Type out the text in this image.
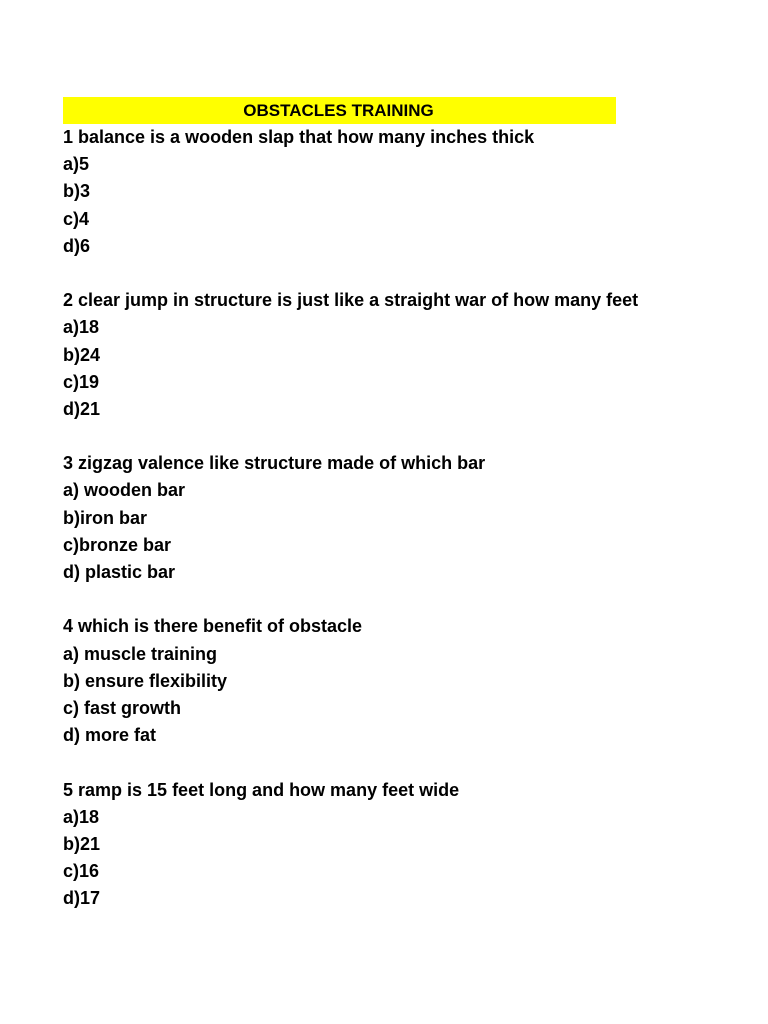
OBSTACLES TRAINING
1 balance is a wooden slap that how many inches thick
a)5
b)3
c)4
d)6
2 clear jump in structure is just like a straight war of how many feet
a)18
b)24
c)19
d)21
3 zigzag valence like structure made of which bar
a) wooden bar
b)iron bar
c)bronze bar
d) plastic bar
4 which is there benefit of obstacle
a) muscle training
b) ensure flexibility
c) fast growth
d) more fat
5 ramp is 15 feet long and how many feet wide
a)18
b)21
c)16
d)17
